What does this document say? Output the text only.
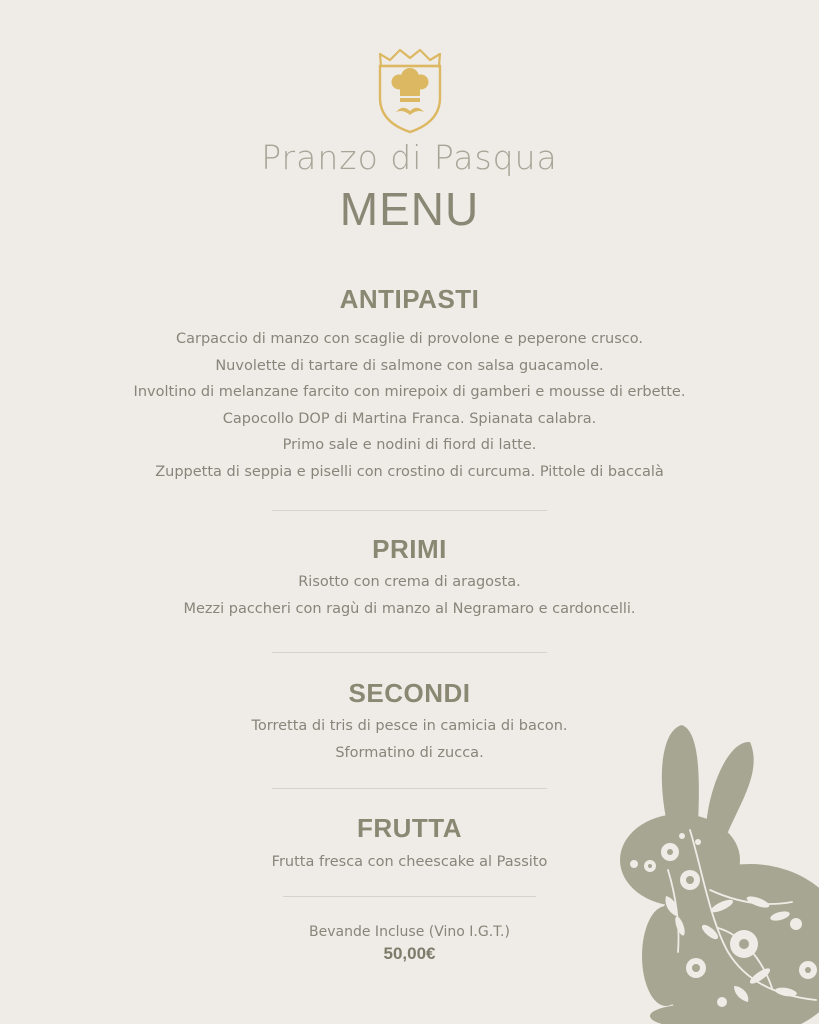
Pranzo di Pasqua
MENU
ANTIPASTI
Carpaccio di manzo con scaglie di provolone e peperone crusco.
Nuvolette di tartare di salmone con salsa guacamole.
Involtino di melanzane farcito con mirepoix di gamberi e mousse di erbette.
Capocollo DOP di Martina Franca. Spianata calabra.
Primo sale e nodini di fiord di latte.
Zuppetta di seppia e piselli con crostino di curcuma. Pittole di baccalà
PRIMI
Risotto con crema di aragosta.
Mezzi paccheri con ragù di manzo al Negramaro e cardoncelli.
SECONDI
Torretta di tris di pesce in camicia di bacon.
Sformatino di zucca.
FRUTTA
Frutta fresca con cheescake al Passito
Bevande Incluse (Vino I.G.T.)
50,00€
